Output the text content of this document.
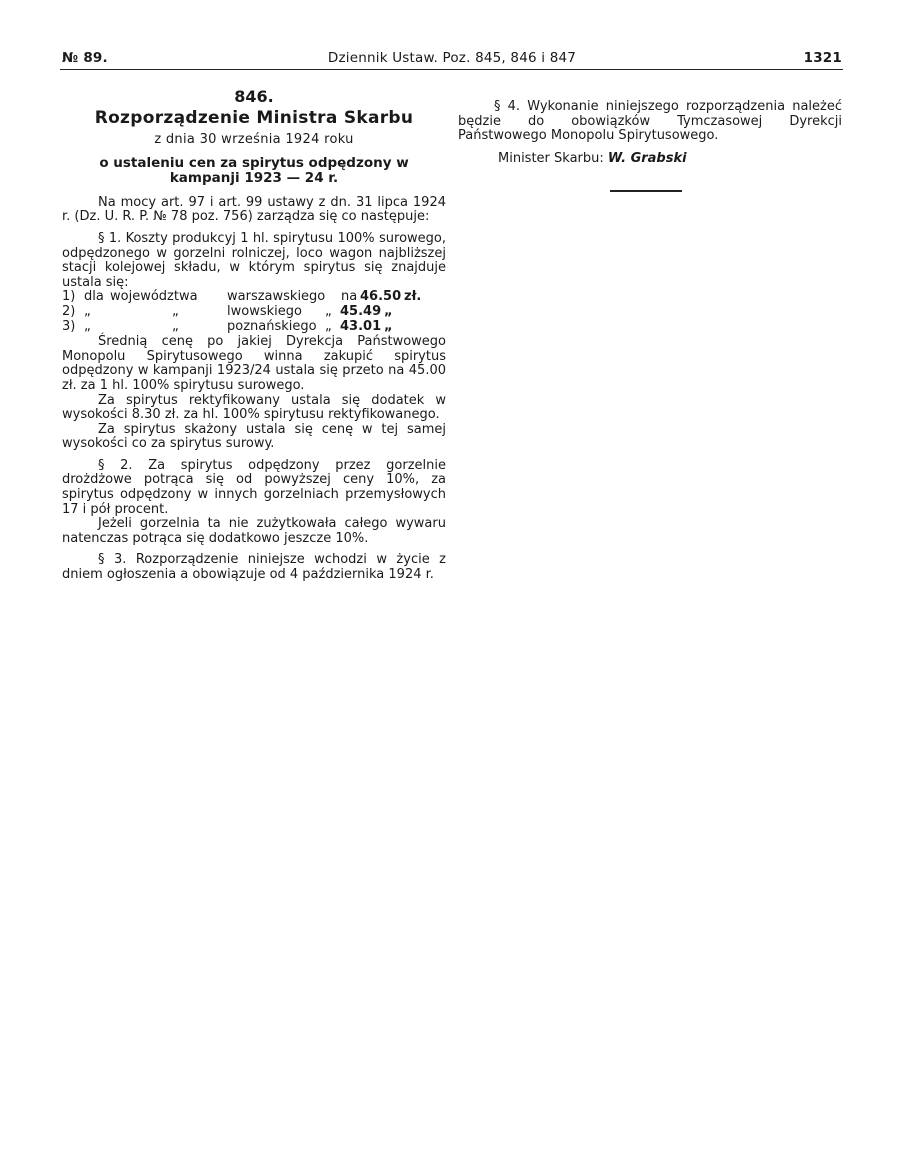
№ 89.	Dziennik Ustaw. Poz. 845, 846 i 847	1321
846.
Rozporządzenie Ministra Skarbu
z dnia 30 września 1924 roku
o ustaleniu cen za spirytus odpędzony w kampanji 1923 — 24 r.

Na mocy art. 97 i art. 99 ustawy z dn. 31 lipca 1924 r. (Dz. U. R. P. № 78 poz. 756) zarządza się co następuje:

§ 1. Koszty produkcyj 1 hl. spirytusu 100% surowego, odpędzonego w gorzelni rolniczej, loco wagon najbliższej stacji kolejowej składu, w którym spirytus się znajduje ustala się:

1) dla województwa warszawskiego na 46.50 zł.
2) „	„	lwowskiego „ 45.49 „
3) „	„	poznańskiego „ 43.01 „

Średnią cenę po jakiej Dyrekcja Państwowego Monopolu Spirytusowego winna zakupić spirytus odpędzony w kampanji 1923/24 ustala się przeto na 45.00 zł. za 1 hl. 100% spirytusu surowego.

Za spirytus rektyfikowany ustala się dodatek w wysokości 8.30 zł. za hl. 100% spirytusu rektyfikowanego.

Za spirytus skażony ustala się cenę w tej samej wysokości co za spirytus surowy.

§ 2. Za spirytus odpędzony przez gorzelnie drożdżowe potrąca się od powyższej ceny 10%, za spirytus odpędzony w innych gorzelniach przemysłowych 17 i pół procent.

Jeżeli gorzelnia ta nie zużytkowała całego wywaru natenczas potrąca się dodatkowo jeszcze 10%.

§ 3. Rozporządzenie niniejsze wchodzi w życie z dniem ogłoszenia a obowiązuje od 4 października 1924 r.

§ 4. Wykonanie niniejszego rozporządzenia należeć będzie do obowiązków Tymczasowej Dyrekcji Państwowego Monopolu Spirytusowego.

Minister Skarbu: W. Grabski
